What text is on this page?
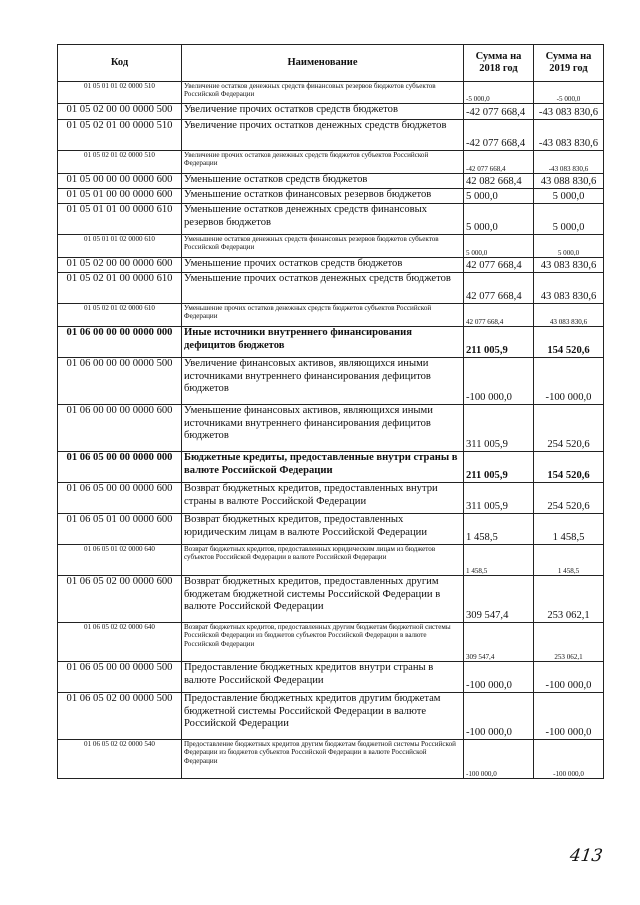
Код	Наименование	Сумма на 2018 год	Сумма на 2019 год
01 05 01 01 02 0000 510	Увеличение остатков денежных средств финансовых резервов бюджетов субъектов Российской Федерации	-5 000,0	-5 000,0
01 05 02 00 00 0000 500	Увеличение прочих остатков средств бюджетов	-42 077 668,4	-43 083 830,6
01 05 02 01 00 0000 510	Увеличение прочих остатков денежных средств бюджетов	-42 077 668,4	-43 083 830,6
01 05 02 01 02 0000 510	Увеличение прочих остатков денежных средств бюджетов субъектов Российской Федерации	-42 077 668,4	-43 083 830,6
01 05 00 00 00 0000 600	Уменьшение остатков средств бюджетов	42 082 668,4	43 088 830,6
01 05 01 00 00 0000 600	Уменьшение остатков финансовых резервов бюджетов	5 000,0	5 000,0
01 05 01 01 00 0000 610	Уменьшение остатков денежных средств финансовых резервов бюджетов	5 000,0	5 000,0
01 05 01 01 02 0000 610	Уменьшение остатков денежных средств финансовых резервов бюджетов субъектов Российской Федерации	5 000,0	5 000,0
01 05 02 00 00 0000 600	Уменьшение прочих остатков средств бюджетов	42 077 668,4	43 083 830,6
01 05 02 01 00 0000 610	Уменьшение прочих остатков денежных средств бюджетов	42 077 668,4	43 083 830,6
01 05 02 01 02 0000 610	Уменьшение прочих остатков денежных средств бюджетов субъектов Российской Федерации	42 077 668,4	43 083 830,6
01 06 00 00 00 0000 000	Иные источники внутреннего финансирования дефицитов бюджетов	211 005,9	154 520,6
01 06 00 00 00 0000 500	Увеличение финансовых активов, являющихся иными источниками внутреннего финансирования дефицитов бюджетов	-100 000,0	-100 000,0
01 06 00 00 00 0000 600	Уменьшение финансовых активов, являющихся иными источниками внутреннего финансирования дефицитов бюджетов	311 005,9	254 520,6
01 06 05 00 00 0000 000	Бюджетные кредиты, предоставленные внутри страны в валюте Российской Федерации	211 005,9	154 520,6
01 06 05 00 00 0000 600	Возврат бюджетных кредитов, предоставленных внутри страны в валюте Российской Федерации	311 005,9	254 520,6
01 06 05 01 00 0000 600	Возврат бюджетных кредитов, предоставленных юридическим лицам в валюте Российской Федерации	1 458,5	1 458,5
01 06 05 01 02 0000 640	Возврат бюджетных кредитов, предоставленных юридическим лицам из бюджетов субъектов Российской Федерации в валюте Российской Федерации	1 458,5	1 458,5
01 06 05 02 00 0000 600	Возврат бюджетных кредитов, предоставленных другим бюджетам бюджетной системы Российской Федерации в валюте Российской Федерации	309 547,4	253 062,1
01 06 05 02 02 0000 640	Возврат бюджетных кредитов, предоставленных другим бюджетам бюджетной системы Российской Федерации из бюджетов субъектов Российской Федерации в валюте Российской Федерации	309 547,4	253 062,1
01 06 05 00 00 0000 500	Предоставление бюджетных кредитов внутри страны в валюте Российской Федерации	-100 000,0	-100 000,0
01 06 05 02 00 0000 500	Предоставление бюджетных кредитов другим бюджетам бюджетной системы Российской Федерации в валюте Российской Федерации	-100 000,0	-100 000,0
01 06 05 02 02 0000 540	Предоставление бюджетных кредитов другим бюджетам бюджетной системы Российской Федерации из бюджетов субъектов Российской Федерации в валюте Российской Федерации	-100 000,0	-100 000,0
413
